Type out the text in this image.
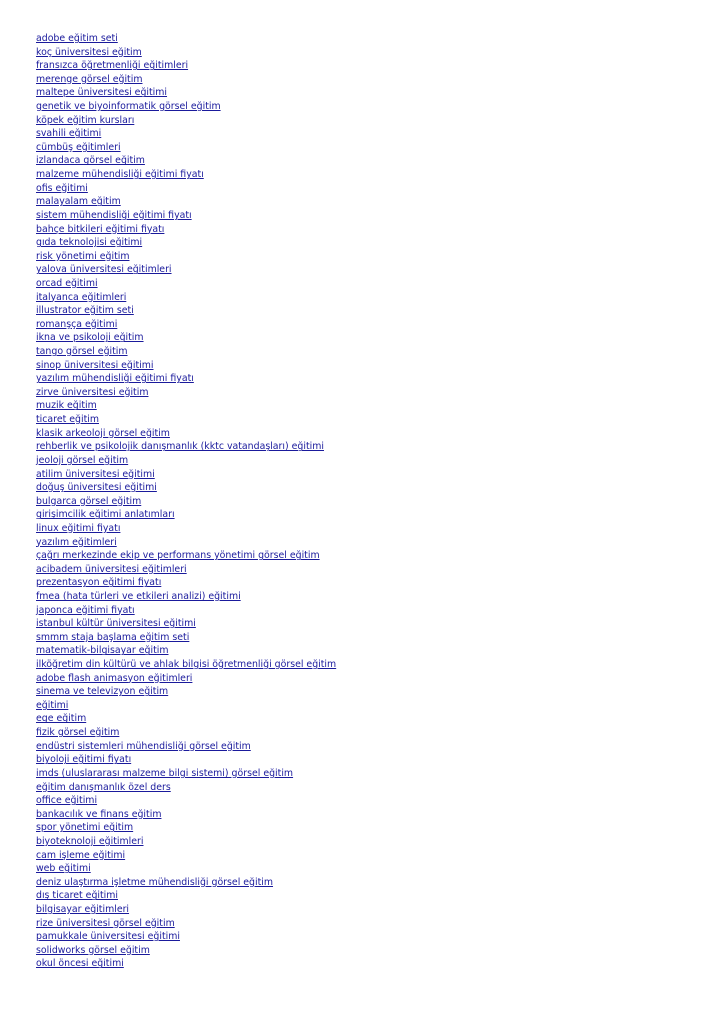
adobe eğitim seti
koç üniversitesi eğitim
fransızca öğretmenliği eğitimleri
merenge görsel eğitim
maltepe üniversitesi eğitimi
genetik ve biyoinformatik görsel eğitim
köpek eğitim kursları
svahili eğitimi
cümbüş eğitimleri
izlandaca görsel eğitim
malzeme mühendisliği eğitimi fiyatı
ofis eğitimi
malayalam eğitim
sistem mühendisliği eğitimi fiyatı
bahçe bitkileri eğitimi fiyatı
gıda teknolojisi eğitimi
risk yönetimi eğitim
yalova üniversitesi eğitimleri
orcad eğitimi
italyanca eğitimleri
illustrator eğitim seti
romanşça eğitimi
ikna ve psikoloji eğitim
tango görsel eğitim
sinop üniversitesi eğitimi
yazılım mühendisliği eğitimi fiyatı
zirve üniversitesi eğitim
muzik eğitim
ticaret eğitim
klasik arkeoloji görsel eğitim
rehberlik ve psikolojik danışmanlık (kktc vatandaşları) eğitimi
jeoloji görsel eğitim
atilim üniversitesi eğitimi
doğuş üniversitesi eğitimi
bulgarca görsel eğitim
girişimcilik eğitimi anlatımları
linux eğitimi fiyatı
yazılım eğitimleri
çağrı merkezinde ekip ve performans yönetimi görsel eğitim
acibadem üniversitesi eğitimleri
prezentasyon eğitimi fiyatı
fmea (hata türleri ve etkileri analizi) eğitimi
japonca eğitimi fiyatı
istanbul kültür üniversitesi eğitimi
smmm staja başlama eğitim seti
matematik-bilgisayar eğitim
ilköğretim din kültürü ve ahlak bilgisi öğretmenliği görsel eğitim
adobe flash animasyon eğitimleri
sinema ve televizyon eğitim
eğitimi
ege eğitim
fizik görsel eğitim
endüstri sistemleri mühendisliği görsel eğitim
biyoloji eğitimi fiyatı
imds (uluslararası malzeme bilgi sistemi) görsel eğitim
eğitim danışmanlık özel ders
office eğitimi
bankacılık ve finans eğitim
spor yönetimi eğitim
biyoteknoloji eğitimleri
cam işleme eğitimi
web eğitimi
deniz ulaştırma işletme mühendisliği görsel eğitim
dış ticaret eğitimi
bilgisayar eğitimleri
rize üniversitesi görsel eğitim
pamukkale üniversitesi eğitimi
solidworks görsel eğitim
okul öncesi eğitimi
